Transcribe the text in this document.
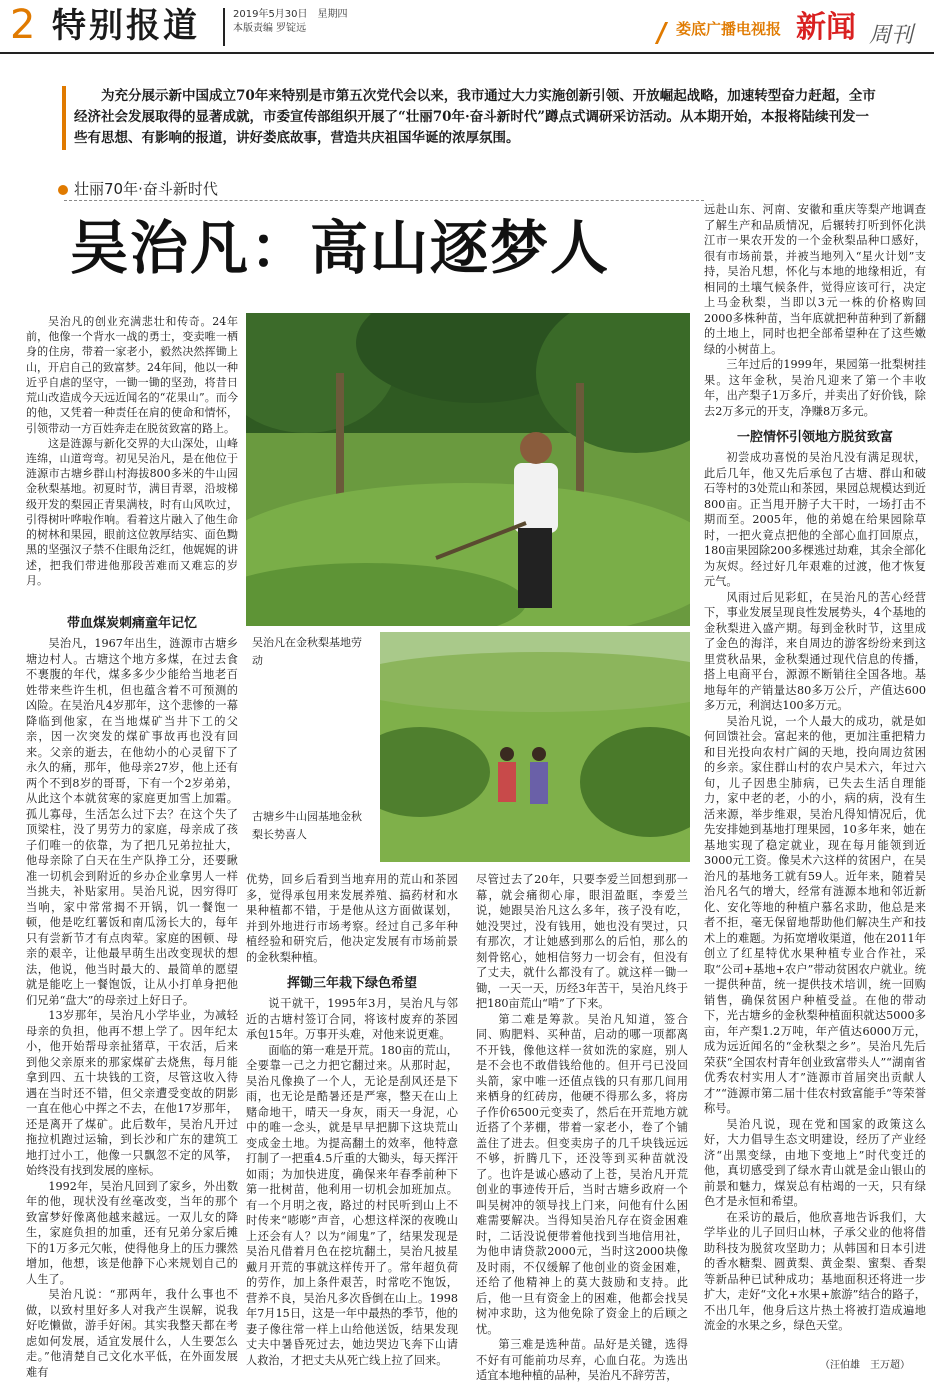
2 特别报道	2019年5月30日　星期四
本版责编 罗锭远	娄底广播电视报 新闻 周刊
为充分展示新中国成立70年来特别是市第五次党代会以来，我市通过大力实施创新引领、开放崛起战略，加速转型奋力赶超，全市经济社会发展取得的显著成就，市委宣传部组织开展了“壮丽70年·奋斗新时代”蹲点式调研采访活动。从本期开始，本报将陆续刊发一些有思想、有影响的报道，讲好娄底故事，营造共庆祖国华诞的浓厚氛围。
壮丽70年·奋斗新时代
吴治凡：高山逐梦人
吴治凡在金秋梨基地劳动
古塘乡牛山园基地金秋梨长势喜人

吴治凡的创业充满悲壮和传奇。24年前，他像一个背水一战的勇士，变卖唯一栖身的住房，带着一家老小，毅然决然挥锄上山，开启自己的致富梦。24年间，他以一种近乎自虐的坚守，一锄一锄的坚劲，将昔日荒山改造成今天远近闻名的“花果山”。而今的他，又凭着一种责任在肩的使命和情怀，引领带动一方百姓奔走在脱贫致富的路上。

这是涟源与新化交界的大山深处，山峰连绵，山道弯弯。初见吴治凡，是在他位于涟源市古塘乡群山村海拔800多米的牛山园金秋梨基地。初夏时节，满目青翠，沿坡梯级开发的梨园正青果满枝，时有山风吹过，引得树叶哗啦作响。看着这片融入了他生命的树林和果园，眼前这位敦厚结实、面色黝黑的坚强汉子禁不住眼角泛红，他娓娓的讲述，把我们带进他那段苦难而又难忘的岁月。

带血煤炭刺痛童年记忆

吴治凡，1967年出生，涟源市古塘乡塘边村人。古塘这个地方多煤，在过去食不裹腹的年代，煤多多少少能给当地老百姓带来些许生机，但也蕴含着不可预测的凶险。在吴治凡4岁那年，这个悲惨的一幕降临到他家，在当地煤矿当井下工的父亲，因一次突发的煤矿事故再也没有回来。父亲的逝去，在他幼小的心灵留下了永久的痛，那年，他母亲27岁，他上还有两个不到8岁的哥哥，下有一个2岁弟弟，从此这个本就贫寒的家庭更加雪上加霜。孤儿寡母，生活怎么过下去？在这个失了顶梁柱，没了男劳力的家庭，母亲成了孩子们唯一的依靠，为了把几兄弟拉扯大，他母亲除了白天在生产队挣工分，还要瞅准一切机会到附近的乡办企业拿男人一样当挑夫，补贴家用。吴治凡说，因穷得叮当响，家中常常揭不开锅，饥一餐饱一顿，他是吃红薯饭和南瓜汤长大的，每年只有尝新节才有点肉荤。家庭的困顿、母亲的艰辛，让他最早萌生出改变现状的想法，他说，他当时最大的、最简单的愿望就是能吃上一餐饱饭，让从小打单身把他们兄弟“盘大”的母亲过上好日子。

13岁那年，吴治凡小学毕业，为减轻母亲的负担，他再不想上学了。因年纪太小，他开始帮母亲扯猪草，干农活，后来到他父亲原来的那家煤矿去烧焦，每月能拿到四、五十块钱的工资，尽管这收入待遇在当时还不错，但父亲遭受变故的阴影一直在他心中挥之不去，在他17岁那年，还是离开了煤矿。此后数年，吴治凡开过拖拉机跑过运输，到长沙和广东的建筑工地打过小工，他像一只飘忽不定的风筝，始终没有找到发展的座标。

1992年，吴治凡回到了家乡，外出数年的他，现状没有丝毫改变，当年的那个致富梦好像离他越来越远。一双儿女的降生，家庭负担的加重，还有兄弟分家后摊下的1万多元欠帐，使得他身上的压力骤然增加，他想，该是他静下心来规划自己的人生了。

吴治凡说：“那两年，我什么事也不做，以致村里好多人对我产生误解，说我好吃懒做，游手好闲。其实我整天都在考虑如何发展，适宜发展什么，人生要怎么走。”他清楚自己文化水平低，在外面发展难有

优势，回乡后看到当地弃用的荒山和茶园多，觉得承包用来发展养殖、搞药材和水果种植都不错，于是他从这方面做谋划，并到外地进行市场考察。经过自己多年种植经验和研究后，他决定发展有市场前景的金秋梨种植。

挥锄三年栽下绿色希望

说干就干，1995年3月，吴治凡与邻近的古塘村签订合同，将该村废弃的茶园承包15年。万事开头难，对他来说更难。

面临的第一难是开荒。180亩的荒山，全要靠一己之力把它翻过来。从那时起，吴治凡像换了一个人，无论是刮风还是下雨，也无论是酷暑还是严寒，整天在山上赌命地干，晴天一身灰，雨天一身泥，心中的唯一念头，就是早早把脚下这块荒山变成金土地。为提高翻土的效率，他特意打制了一把重4.5斤重的大锄头，每天挥汗如雨；为加快进度，确保来年春季前种下第一批树苗，他利用一切机会加班加点。有一个月明之夜，路过的村民听到山上不时传来“嘭嘭”声音，心想这样深的夜晚山上还会有人？以为“闹鬼”了，结果发现是吴治凡借着月色在挖坑翻土，吴治凡披星戴月开荒的事就这样传开了。常年超负荷的劳作，加上条件艰苦，时常吃不饱饭，营养不良，吴治凡多次昏倒在山上。1998年7月15日，这是一年中最热的季节，他的妻子像往常一样上山给他送饭，结果发现丈夫中暑昏死过去，她边哭边飞奔下山请人救治，才把丈夫从死亡线上拉了回来。

尽管过去了20年，只要李爱兰回想到那一幕，就会痛彻心扉，眼泪盈眶，李爱兰说，她跟吴治凡这么多年，孩子没有吃，她没哭过，没有钱用，她也没有哭过，只有那次，才让她感到那么的后怕，那么的刻骨铭心，她相信努力一切会有，但没有了丈夫，就什么都没有了。就这样一锄一锄，一天一天，历经3年苦干，吴治凡终于把180亩荒山“啃”了下来。

第二难是筹款。吴治凡知道，签合同、购肥料、买种苗，启动的哪一项都离不开钱，像他这样一贫如洗的家庭，别人是不会也不敢借钱给他的。但开弓已没回头箭，家中唯一还值点钱的只有那几间用来栖身的红砖房，他硬不得那么多，将房子作价6500元变卖了，然后在开荒地方就近搭了个茅棚，带着一家老小，卷了个铺盖住了进去。但变卖房子的几千块钱远远不够，折腾几下，还没等到买种苗就没了。也许是诚心感动了上苍，吴治凡开荒创业的事迹传开后，当时古塘乡政府一个叫吴树冲的领导找上门来，问他有什么困难需要解决。当得知吴治凡存在资金困难时，二话没说便带着他找到当地信用社，为他申请贷款2000元，当时这2000块像及时雨，不仅缓解了他创业的资金困难，还给了他精神上的莫大鼓励和支持。此后，他一旦有资金上的困难，他都会找吴树冲求助，这为他免除了资金上的后顾之忧。

第三难是选种苗。品好是关键，选得不好有可能前功尽弃，心血白花。为选出适宜本地种植的品种，吴治凡不辞劳苦，

远赴山东、河南、安徽和重庆等梨产地调查了解生产和品质情况，后辗转打听到怀化洪江市一果农开发的一个金秋梨品种口感好，很有市场前景，并被当地列入“星火计划”支持，吴治凡想，怀化与本地的地缘相近，有相同的土壤气候条件，觉得应该可行，决定上马金秋梨，当即以3元一株的价格购回2000多株种苗，当年底就把种苗种到了新翻的土地上，同时也把全部希望种在了这些嫩绿的小树苗上。

三年过后的1999年，果园第一批梨树挂果。这年金秋，吴治凡迎来了第一个丰收年，出产梨子1万多斤，并卖出了好价钱，除去2万多元的开支，净赚8万多元。

一腔情怀引领地方脱贫致富

初尝成功喜悦的吴治凡没有满足现状，此后几年，他又先后承包了古塘、群山和破石等村的3处荒山和茶园，果园总规模达到近800亩。正当甩开膀子大干时，一场打击不期而至。2005年，他的弟媳在给果园除草时，一把火竟点把他的全部心血打回原点，180亩果园除200多棵逃过劫难，其余全部化为灰烬。经过好几年艰难的过渡，他才恢复元气。

风雨过后见彩虹，在吴治凡的苦心经营下，事业发展呈现良性发展势头，4个基地的金秋梨进入盛产期。每到金秋时节，这里成了金色的海洋，来自周边的游客纷纷来到这里赏秋品果，金秋梨通过现代信息的传播，搭上电商平台，源源不断销往全国各地。基地每年的产销量达80多万公斤，产值达600多万元，利润达100多万元。

吴治凡说，一个人最大的成功，就是如何回馈社会。富起来的他，更加注重把精力和目光投向农村广阔的天地，投向周边贫困的乡亲。家住群山村的农户吴术六，年过六旬，儿子因患尘肺病，已失去生活自理能力，家中老的老，小的小，病的病，没有生活来源，举步维艰，吴治凡得知情况后，优先安排她到基地打理果园，10多年来，她在基地实现了稳定就业，现在每月能领到近3000元工资。像吴术六这样的贫困户，在吴治凡的基地务工就有59人。近年来，随着吴治凡名气的增大，经常有涟源本地和邻近新化、安化等地的种植户慕名求助，他总是来者不拒，毫无保留地帮助他们解决生产和技术上的难题。为拓宽增收渠道，他在2011年创立了红星特优水果种植专业合作社，采取“公司+基地+农户”带动贫困农户就业。统一提供种苗，统一提供技术培训，统一回购销售，确保贫困户种植受益。在他的带动下，光古塘乡的金秋梨种植面积就达5000多亩，年产梨1.2万吨，年产值达6000万元，成为远近闻名的“金秋梨之乡”。吴治凡先后荣获“全国农村青年创业致富带头人”“湖南省优秀农村实用人才”涟源市首届突出贡献人才”“涟源市第二届十佳农村致富能手”等荣誉称号。

吴治凡说，现在党和国家的政策这么好，大力倡导生态文明建设，经历了产业经济“出黑变绿，由地下变地上”时代变迁的他，真切感受到了绿水青山就是金山银山的前景和魅力，煤炭总有枯竭的一天，只有绿色才是永恒和希望。

在采访的最后，他欣喜地告诉我们，大学毕业的儿子回归山林，子承父业的他将借助科技为脱贫攻坚助力；从韩国和日本引进的香水糖梨、圆黄梨、黄金梨、蜜梨、香梨等新品种已试种成功；基地面积还将进一步扩大，走好“文化+水果+旅游”结合的路子，不出几年，他身后这片热土将被打造成遍地流金的水果之乡，绿色天堂。

（汪伯雄　王万超）
